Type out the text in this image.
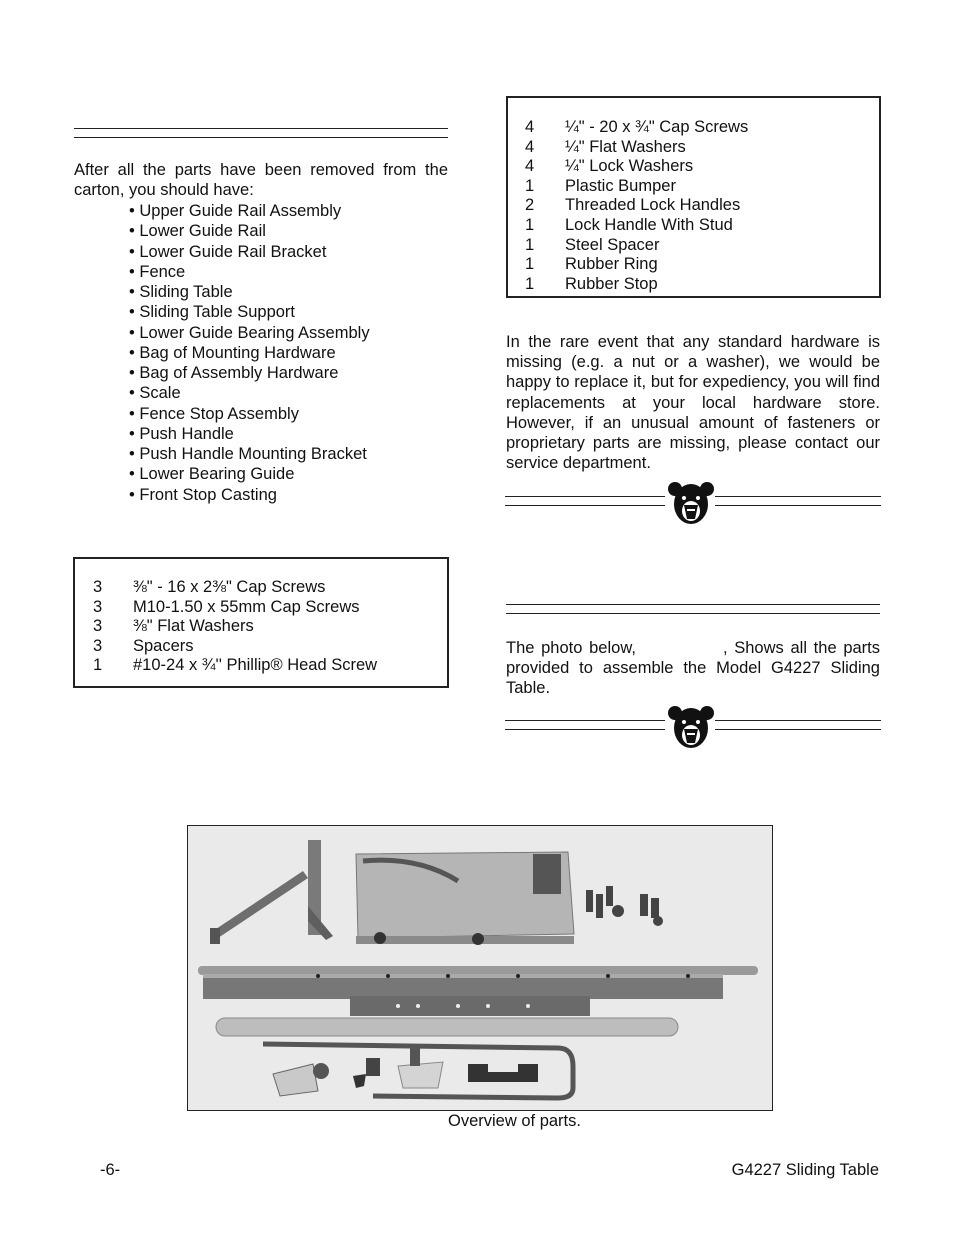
After all the parts have been removed from the carton, you should have:

• Upper Guide Rail Assembly
• Lower Guide Rail
• Lower Guide Rail Bracket
• Fence
• Sliding Table
• Sliding Table Support
• Lower Guide Bearing Assembly
• Bag of Mounting Hardware
• Bag of Assembly Hardware
• Scale
• Fence Stop Assembly
• Push Handle
• Push Handle Mounting Bracket
• Lower Bearing Guide
• Front Stop Casting
3 ⅜" - 16 x 2⅜" Cap Screws
3 M10-1.50 x 55mm Cap Screws
3 ⅜" Flat Washers
3 Spacers
1 #10-24 x ¾'' Phillip® Head Screw
4 ¼" - 20 x ¾" Cap Screws
4 ¼" Flat Washers
4 ¼" Lock Washers
1 Plastic Bumper
2 Threaded Lock Handles
1 Lock Handle With Stud
1 Steel Spacer
1 Rubber Ring
1 Rubber Stop

In the rare event that any standard hardware is missing (e.g. a nut or a washer), we would be happy to replace it, but for expediency, you will find replacements at your local hardware store. However, if an unusual amount of fasteners or proprietary parts are missing, please contact our service department.

The photo below,             , Shows all the parts provided to assemble the Model G4227 Sliding Table.

Overview of parts.
-6-	G4227 Sliding Table
